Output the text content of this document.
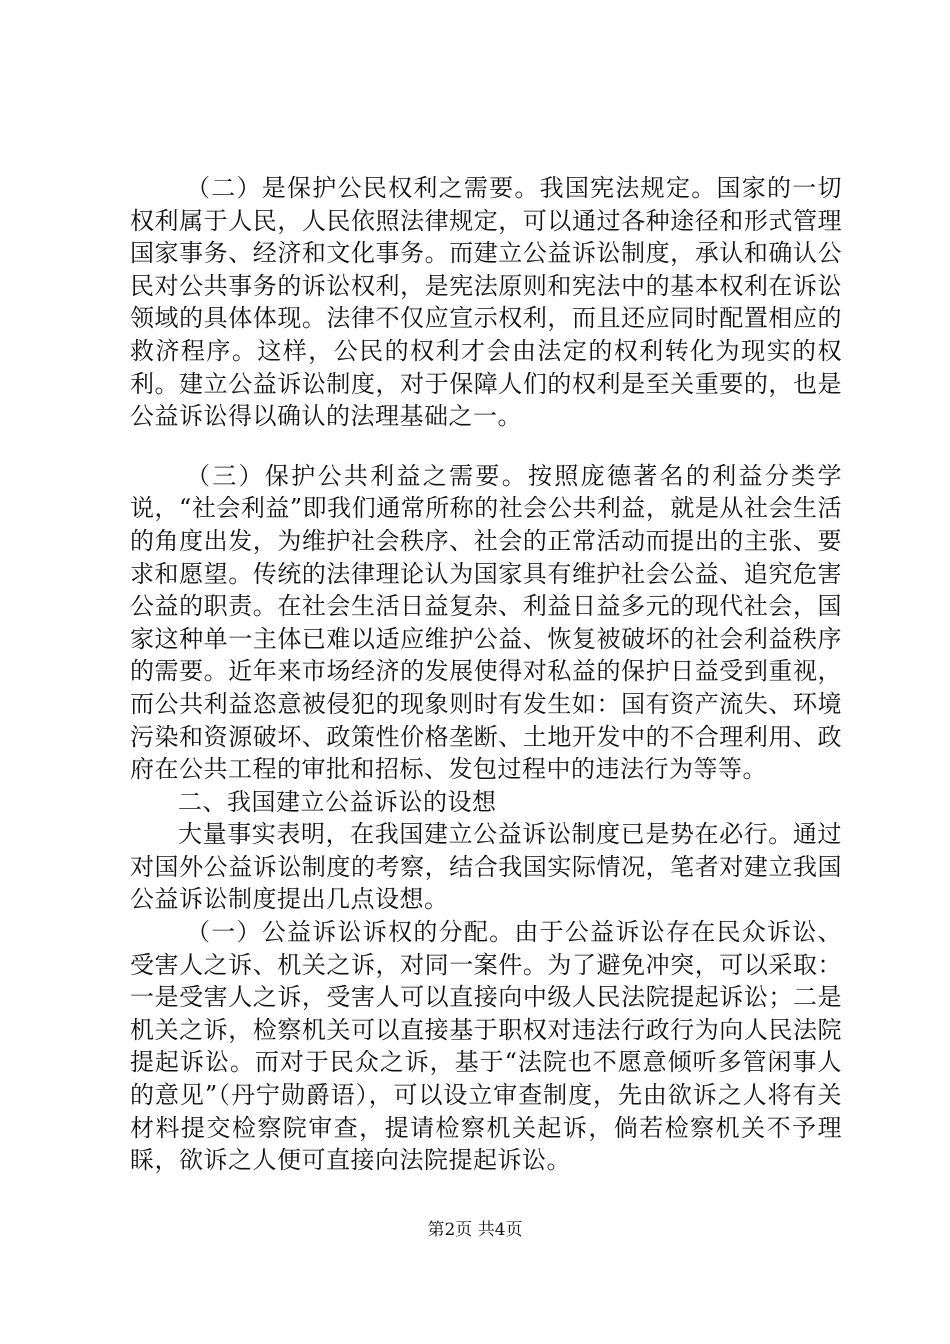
（二）是保护公民权利之需要。我国宪法规定。国家的一切权利属于人民，人民依照法律规定，可以通过各种途径和形式管理国家事务、经济和文化事务。而建立公益诉讼制度，承认和确认公民对公共事务的诉讼权利，是宪法原则和宪法中的基本权利在诉讼领域的具体体现。法律不仅应宣示权利，而且还应同时配置相应的救济程序。这样，公民的权利才会由法定的权利转化为现实的权利。建立公益诉讼制度，对于保障人们的权利是至关重要的，也是公益诉讼得以确认的法理基础之一。

（三）保护公共利益之需要。按照庞德著名的利益分类学说，“社会利益”即我们通常所称的社会公共利益，就是从社会生活的角度出发，为维护社会秩序、社会的正常活动而提出的主张、要求和愿望。传统的法律理论认为国家具有维护社会公益、追究危害公益的职责。在社会生活日益复杂、利益日益多元的现代社会，国家这种单一主体已难以适应维护公益、恢复被破坏的社会利益秩序的需要。近年来市场经济的发展使得对私益的保护日益受到重视，而公共利益恣意被侵犯的现象则时有发生如：国有资产流失、环境污染和资源破坏、政策性价格垄断、土地开发中的不合理利用、政府在公共工程的审批和招标、发包过程中的违法行为等等。

二、我国建立公益诉讼的设想

大量事实表明，在我国建立公益诉讼制度已是势在必行。通过对国外公益诉讼制度的考察，结合我国实际情况，笔者对建立我国公益诉讼制度提出几点设想。

（一）公益诉讼诉权的分配。由于公益诉讼存在民众诉讼、受害人之诉、机关之诉，对同一案件。为了避免冲突，可以采取：一是受害人之诉，受害人可以直接向中级人民法院提起诉讼；二是机关之诉，检察机关可以直接基于职权对违法行政行为向人民法院提起诉讼。而对于民众之诉，基于“法院也不愿意倾听多管闲事人的意见”（丹宁勋爵语），可以设立审查制度，先由欲诉之人将有关材料提交检察院审查，提请检察机关起诉，倘若检察机关不予理睬，欲诉之人便可直接向法院提起诉讼。

第2页 共4页
